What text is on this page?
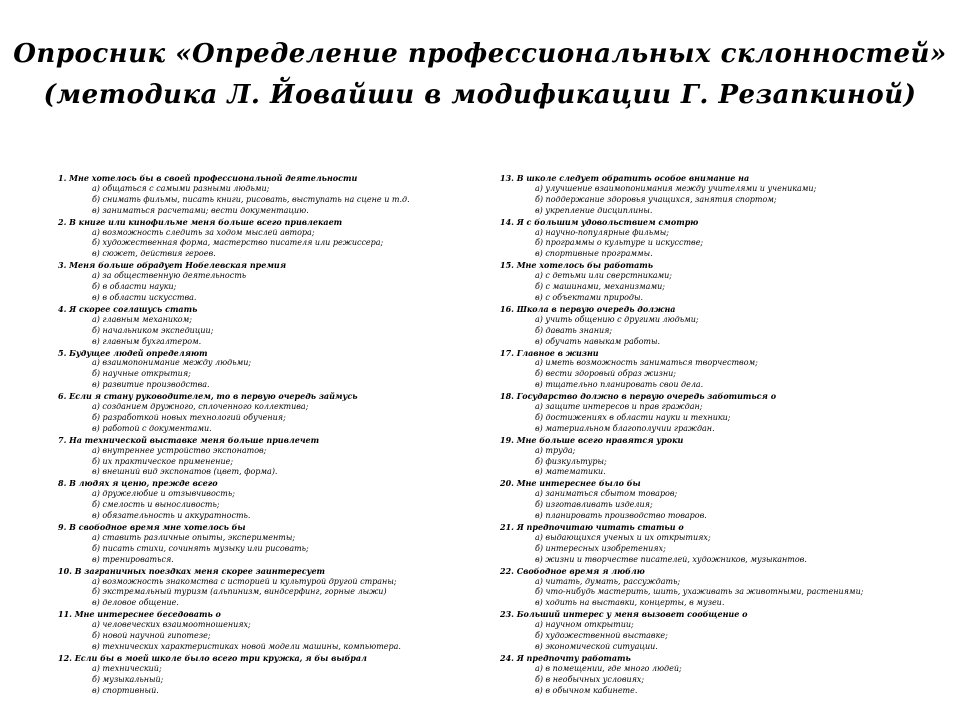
Опросник «Определение профессиональных склонностей»
(методика Л. Йовайши в модификации Г. Резапкиной)
1. Мне хотелось бы в своей профессиональной деятельности
а) общаться с самыми разными людьми;
б) снимать фильмы, писать книги, рисовать, выступать на сцене и т.д.
в) заниматься расчетами; вести документацию.
2. В книге или кинофильме меня больше всего привлекает
а) возможность следить за ходом мыслей автора;
б) художественная форма, мастерство писателя или режиссера;
в) сюжет, действия героев.
3. Меня больше обрадует Нобелевская премия
а) за общественную деятельность
б) в области науки;
в) в области искусства.
4. Я скорее соглашусь стать
а) главным механиком;
б) начальником экспедиции;
в) главным бухгалтером.
5. Будущее людей определяют
а) взаимопонимание между людьми;
б) научные открытия;
в) развитие производства.
6. Если я стану руководителем, то в первую очередь займусь
а) созданием дружного, сплоченного коллектива;
б) разработкой новых технологий обучения;
в) работой с документами.
7. На технической выставке меня больше привлечет
а) внутреннее устройство экспонатов;
б) их практическое применение;
в) внешний вид экспонатов (цвет, форма).
8. В людях я ценю, прежде всего
а) дружелюбие и отзывчивость;
б) смелость и выносливость;
в) обязательность и аккуратность.
9. В свободное время мне хотелось бы
а) ставить различные опыты, эксперименты;
б) писать стихи, сочинять музыку или рисовать;
в) тренироваться.
10. В заграничных поездках меня скорее заинтересует
а) возможность знакомства с историей и культурой другой страны;
б) экстремальный туризм (альпинизм, виндсерфинг, горные лыжи)
в) деловое общение.
11. Мне интереснее беседовать о
а) человеческих взаимоотношениях;
б) новой научной гипотезе;
в) технических характеристиках новой модели машины, компьютера.
12. Если бы в моей школе было всего три кружка, я бы выбрал
а) технический;
б) музыкальный;
в) спортивный.
13. В школе следует обратить особое внимание на
а) улучшение взаимопонимания между учителями и учениками;
б) поддержание здоровья учащихся, занятия спортом;
в) укрепление дисциплины.
14. Я с большим удовольствием смотрю
а) научно-популярные фильмы;
б) программы о культуре и искусстве;
в) спортивные программы.
15. Мне хотелось бы работать
а) с детьми или сверстниками;
б) с машинами, механизмами;
в) с объектами природы.
16. Школа в первую очередь должна
а) учить общению с другими людьми;
б) давать знания;
в) обучать навыкам работы.
17. Главное в жизни
а) иметь возможность заниматься творчеством;
б) вести здоровый образ жизни;
в) тщательно планировать свои дела.
18. Государство должно в первую очередь заботиться о
а) защите интересов и прав граждан;
б) достижениях в области науки и техники;
в) материальном благополучии граждан.
19. Мне больше всего нравятся уроки
а) труда;
б) физкультуры;
в) математики.
20. Мне интереснее было бы
а) заниматься сбытом товаров;
б) изготавливать изделия;
в) планировать производство товаров.
21. Я предпочитаю читать статьи о
а) выдающихся ученых и их открытиях;
б) интересных изобретениях;
в) жизни и творчестве писателей, художников, музыкантов.
22. Свободное время я люблю
а) читать, думать, рассуждать;
б) что-нибудь мастерить, шить, ухаживать за животными, растениями;
в) ходить на выставки, концерты, в музеи.
23. Больший интерес у меня вызовет сообщение о
а) научном открытии;
б) художественной выставке;
в) экономической ситуации.
24. Я предпочту работать
а) в помещении, где много людей;
б) в необычных условиях;
в) в обычном кабинете.
